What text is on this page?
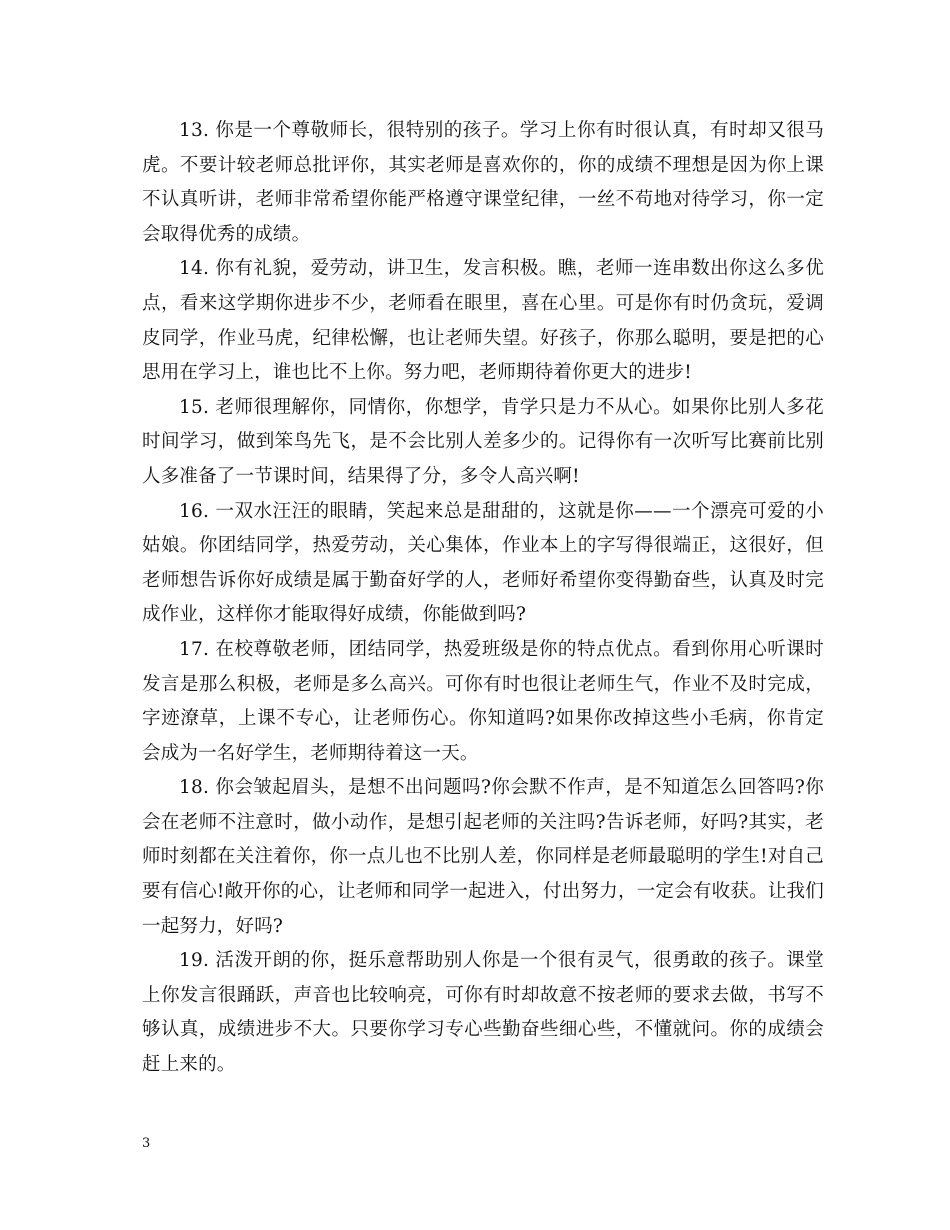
13. 你是一个尊敬师长，很特别的孩子。学习上你有时很认真，有时却又很马虎。不要计较老师总批评你，其实老师是喜欢你的，你的成绩不理想是因为你上课不认真听讲，老师非常希望你能严格遵守课堂纪律，一丝不苟地对待学习，你一定会取得优秀的成绩。

14. 你有礼貌，爱劳动，讲卫生，发言积极。瞧，老师一连串数出你这么多优点，看来这学期你进步不少，老师看在眼里，喜在心里。可是你有时仍贪玩，爱调皮同学，作业马虎，纪律松懈，也让老师失望。好孩子，你那么聪明，要是把的心思用在学习上，谁也比不上你。努力吧，老师期待着你更大的进步!

15. 老师很理解你，同情你，你想学，肯学只是力不从心。如果你比别人多花时间学习，做到笨鸟先飞，是不会比别人差多少的。记得你有一次听写比赛前比别人多准备了一节课时间，结果得了分，多令人高兴啊!

16. 一双水汪汪的眼睛，笑起来总是甜甜的，这就是你——一个漂亮可爱的小姑娘。你团结同学，热爱劳动，关心集体，作业本上的字写得很端正，这很好，但老师想告诉你好成绩是属于勤奋好学的人，老师好希望你变得勤奋些，认真及时完成作业，这样你才能取得好成绩，你能做到吗?

17. 在校尊敬老师，团结同学，热爱班级是你的特点优点。看到你用心听课时发言是那么积极，老师是多么高兴。可你有时也很让老师生气，作业不及时完成，字迹潦草，上课不专心，让老师伤心。你知道吗?如果你改掉这些小毛病，你肯定会成为一名好学生，老师期待着这一天。

18. 你会皱起眉头，是想不出问题吗?你会默不作声，是不知道怎么回答吗?你会在老师不注意时，做小动作，是想引起老师的关注吗?告诉老师，好吗?其实，老师时刻都在关注着你，你一点儿也不比别人差，你同样是老师最聪明的学生!对自己要有信心!敞开你的心，让老师和同学一起进入，付出努力，一定会有收获。让我们一起努力，好吗?

19. 活泼开朗的你，挺乐意帮助别人你是一个很有灵气，很勇敢的孩子。课堂上你发言很踊跃，声音也比较响亮，可你有时却故意不按老师的要求去做，书写不够认真，成绩进步不大。只要你学习专心些勤奋些细心些，不懂就问。你的成绩会赶上来的。

3
